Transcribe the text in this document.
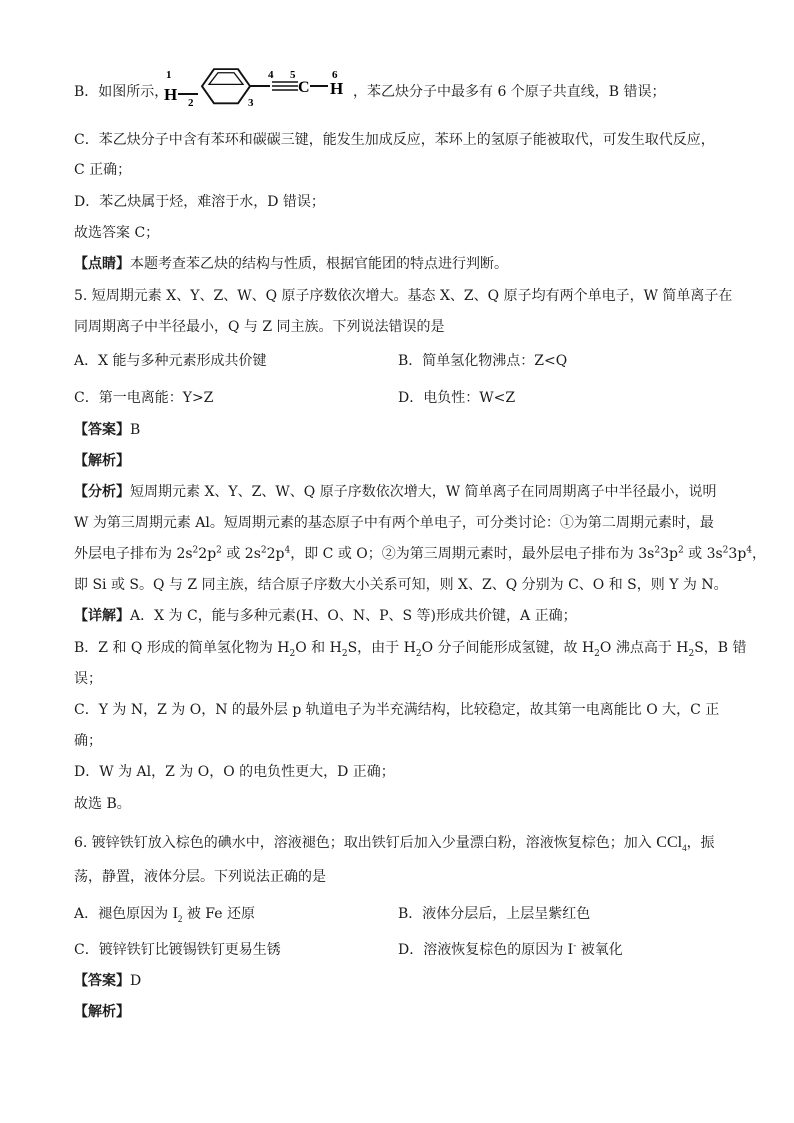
B．如图所示，
1
H 2	3
4 5
C
6
H ，苯乙炔分子中最多有 6 个原子共直线，B 错误；
C．苯乙炔分子中含有苯环和碳碳三键，能发生加成反应，苯环上的氢原子能被取代，可发生取代反应，
C 正确；
D．苯乙炔属于烃，难溶于水，D 错误；
故选答案 C；
【点睛】本题考查苯乙炔的结构与性质，根据官能团的特点进行判断。
5. 短周期元素 X、Y、Z、W、Q 原子序数依次增大。基态 X、Z、Q 原子均有两个单电子，W 简单离子在
同周期离子中半径最小，Q 与 Z 同主族。下列说法错误的是
A．X 能与多种元素形成共价键	B．简单氢化物沸点：Z<Q
C．第一电离能：Y>Z	D．电负性：W<Z
【答案】B
【解析】
【分析】短周期元素 X、Y、Z、W、Q 原子序数依次增大，W 简单离子在同周期离子中半径最小，说明
W 为第三周期元素 Al。短周期元素的基态原子中有两个单电子，可分类讨论：①为第二周期元素时，最
外层电子排布为 $2s^22p^2$ 或 $2s^22p^4$，即 C 或 O；②为第三周期元素时，最外层电子排布为 $3s^23p^2$ 或 $3s^23p^4$，
即 Si 或 S。Q 与 Z 同主族，结合原子序数大小关系可知，则 X、Z、Q 分别为 C、O 和 S，则 Y 为 N。
【详解】A．X 为 C，能与多种元素(H、O、N、P、S 等)形成共价键，A 正确；
B．Z 和 Q 形成的简单氢化物为 $H_2O$ 和 $H_2S$，由于 $H_2O$ 分子间能形成氢键，故 $H_2O$ 沸点高于 $H_2S$，B 错
误；
C．Y 为 N，Z 为 O，N 的最外层 p 轨道电子为半充满结构，比较稳定，故其第一电离能比 O 大，C 正
确；
D．W 为 Al，Z 为 O，O 的电负性更大，D 正确；
故选 B。
6. 镀锌铁钉放入棕色的碘水中，溶液褪色；取出铁钉后加入少量漂白粉，溶液恢复棕色；加入 CCl$_4$，振
荡，静置，液体分层。下列说法正确的是
A．褪色原因为 $I_2$ 被 Fe 还原	B．液体分层后，上层呈紫红色
C．镀锌铁钉比镀锡铁钉更易生锈	D．溶液恢复棕色的原因为 I- 被氧化
【答案】D
【解析】
